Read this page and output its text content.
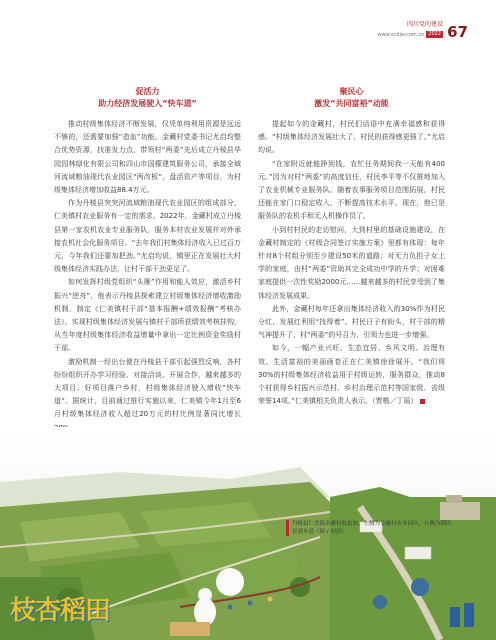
四川党的建设
www.scdjw.com.cn 2022 67
促活力
助力经济发展驶入“快车道”

推动村级集体经济不断发展，仅凭单纯利用资源是远远不够的，还需要加强“造血”功能。金藏村党委书记尤启均整合优势资源，找准发力点，带领村“两委”先后成立丹棱县华园园林绿化有限公司和四山市国檬建筑服务公司，承接全域河流域粮油现代农业园区“两改板”，盘活资产等项目，为村级集体经济增加收益88.4万元。

作为丹棱县突突河流域粮油现代农业园区的组成部分，仁美镇村农业服务有一定的需求。2022年，金藏村成立丹棱县第一家农机农业专业服务队，服务本村农业发展并对外承接农机社会化服务项目。“去年我们村集体经济收入已过百万元，今年我们还要加把劲。”尤启均说，镇里正在发展壮大村级集体经济实践办法，让村干部干劲更足了。

如何发挥村级党组织“头雁”作用和能人效应，激活乡村振兴“逆舟”，他表示丹棱县探索建立村级集体经济增收激励机制，制定《仁美镇村干部“基本报酬+绩效报酬”考核办法》，实现村级集体经济发展与镇村干部所获绩效考核挂钩，从当年度村级集体经济收益增量中拿出一定比例资金奖励村干部。

激励机制一经出台便在丹棱县干部引起强烈反响，各村纷纷组织开办学习经验、对接洽谈、开展合作，越来越多的大项目、好项目落户乡村，村级集体经济驶入增收“快车道”。据统计，目前通过推行实施以来，仁美镇今年1月至6月村级集体经济收入超过20万元的村比例显著同比增长

聚民心
激发“共同富裕”动能

提起如今的金藏村，村民们话语中充满幸福感和获得感。“村级集体经济发展壮大了，村民的获得感更强了。”尤启均说。

“在家附近就能挣到钱，农忙任务期间我一天能有400元。”因为对村“两委”的高度信任，村民李平等不仅推地加入了农业机械专业服务队。随着农事服务项目范围拓展，村民还能在家门口稳定收入，不断提高技术水平。现在，他已是服务队的农机手和无人机操作员了。

小到村村民的走访慰问，大到村里的基础设施建设，在金藏村制定的《村级合同签订实施方案》里都有体现：每年针对8个村组分别至少建设50米的道路；对无力负担子女上学的家庭，由村“两委”资助其完全成功中学的升学；对困难家庭提供一次性奖励2000元……越来越多的村民享受到了集体经济发展成果。

此外，金藏村每年还拿出集体经济收入的30%作为村民分红，发展红利用“找得着”。村民日子有盼头，村干部的精气神提升了，村“两委”的号召力、引领力也进一步增强。

如今，一幅产业兴旺、生态宜居、乡风文明、治理有效、生活富裕的美丽画卷正在仁美镇徐徐展开。“我们将30%的村级集体经济收益用于村级运转，服务群众，推动8个村获得乡村振兴示范村、乡村治理示范村等国家级、省级荣誉14项。”仁美镇相关负责人表示。（贾楷／丁瑶）

丹棱县仁美镇金藏村航拍图。左侧为金藏村农业园区，右侧为稻田景观步道（图 / 胡涛）
枝杏稻田
